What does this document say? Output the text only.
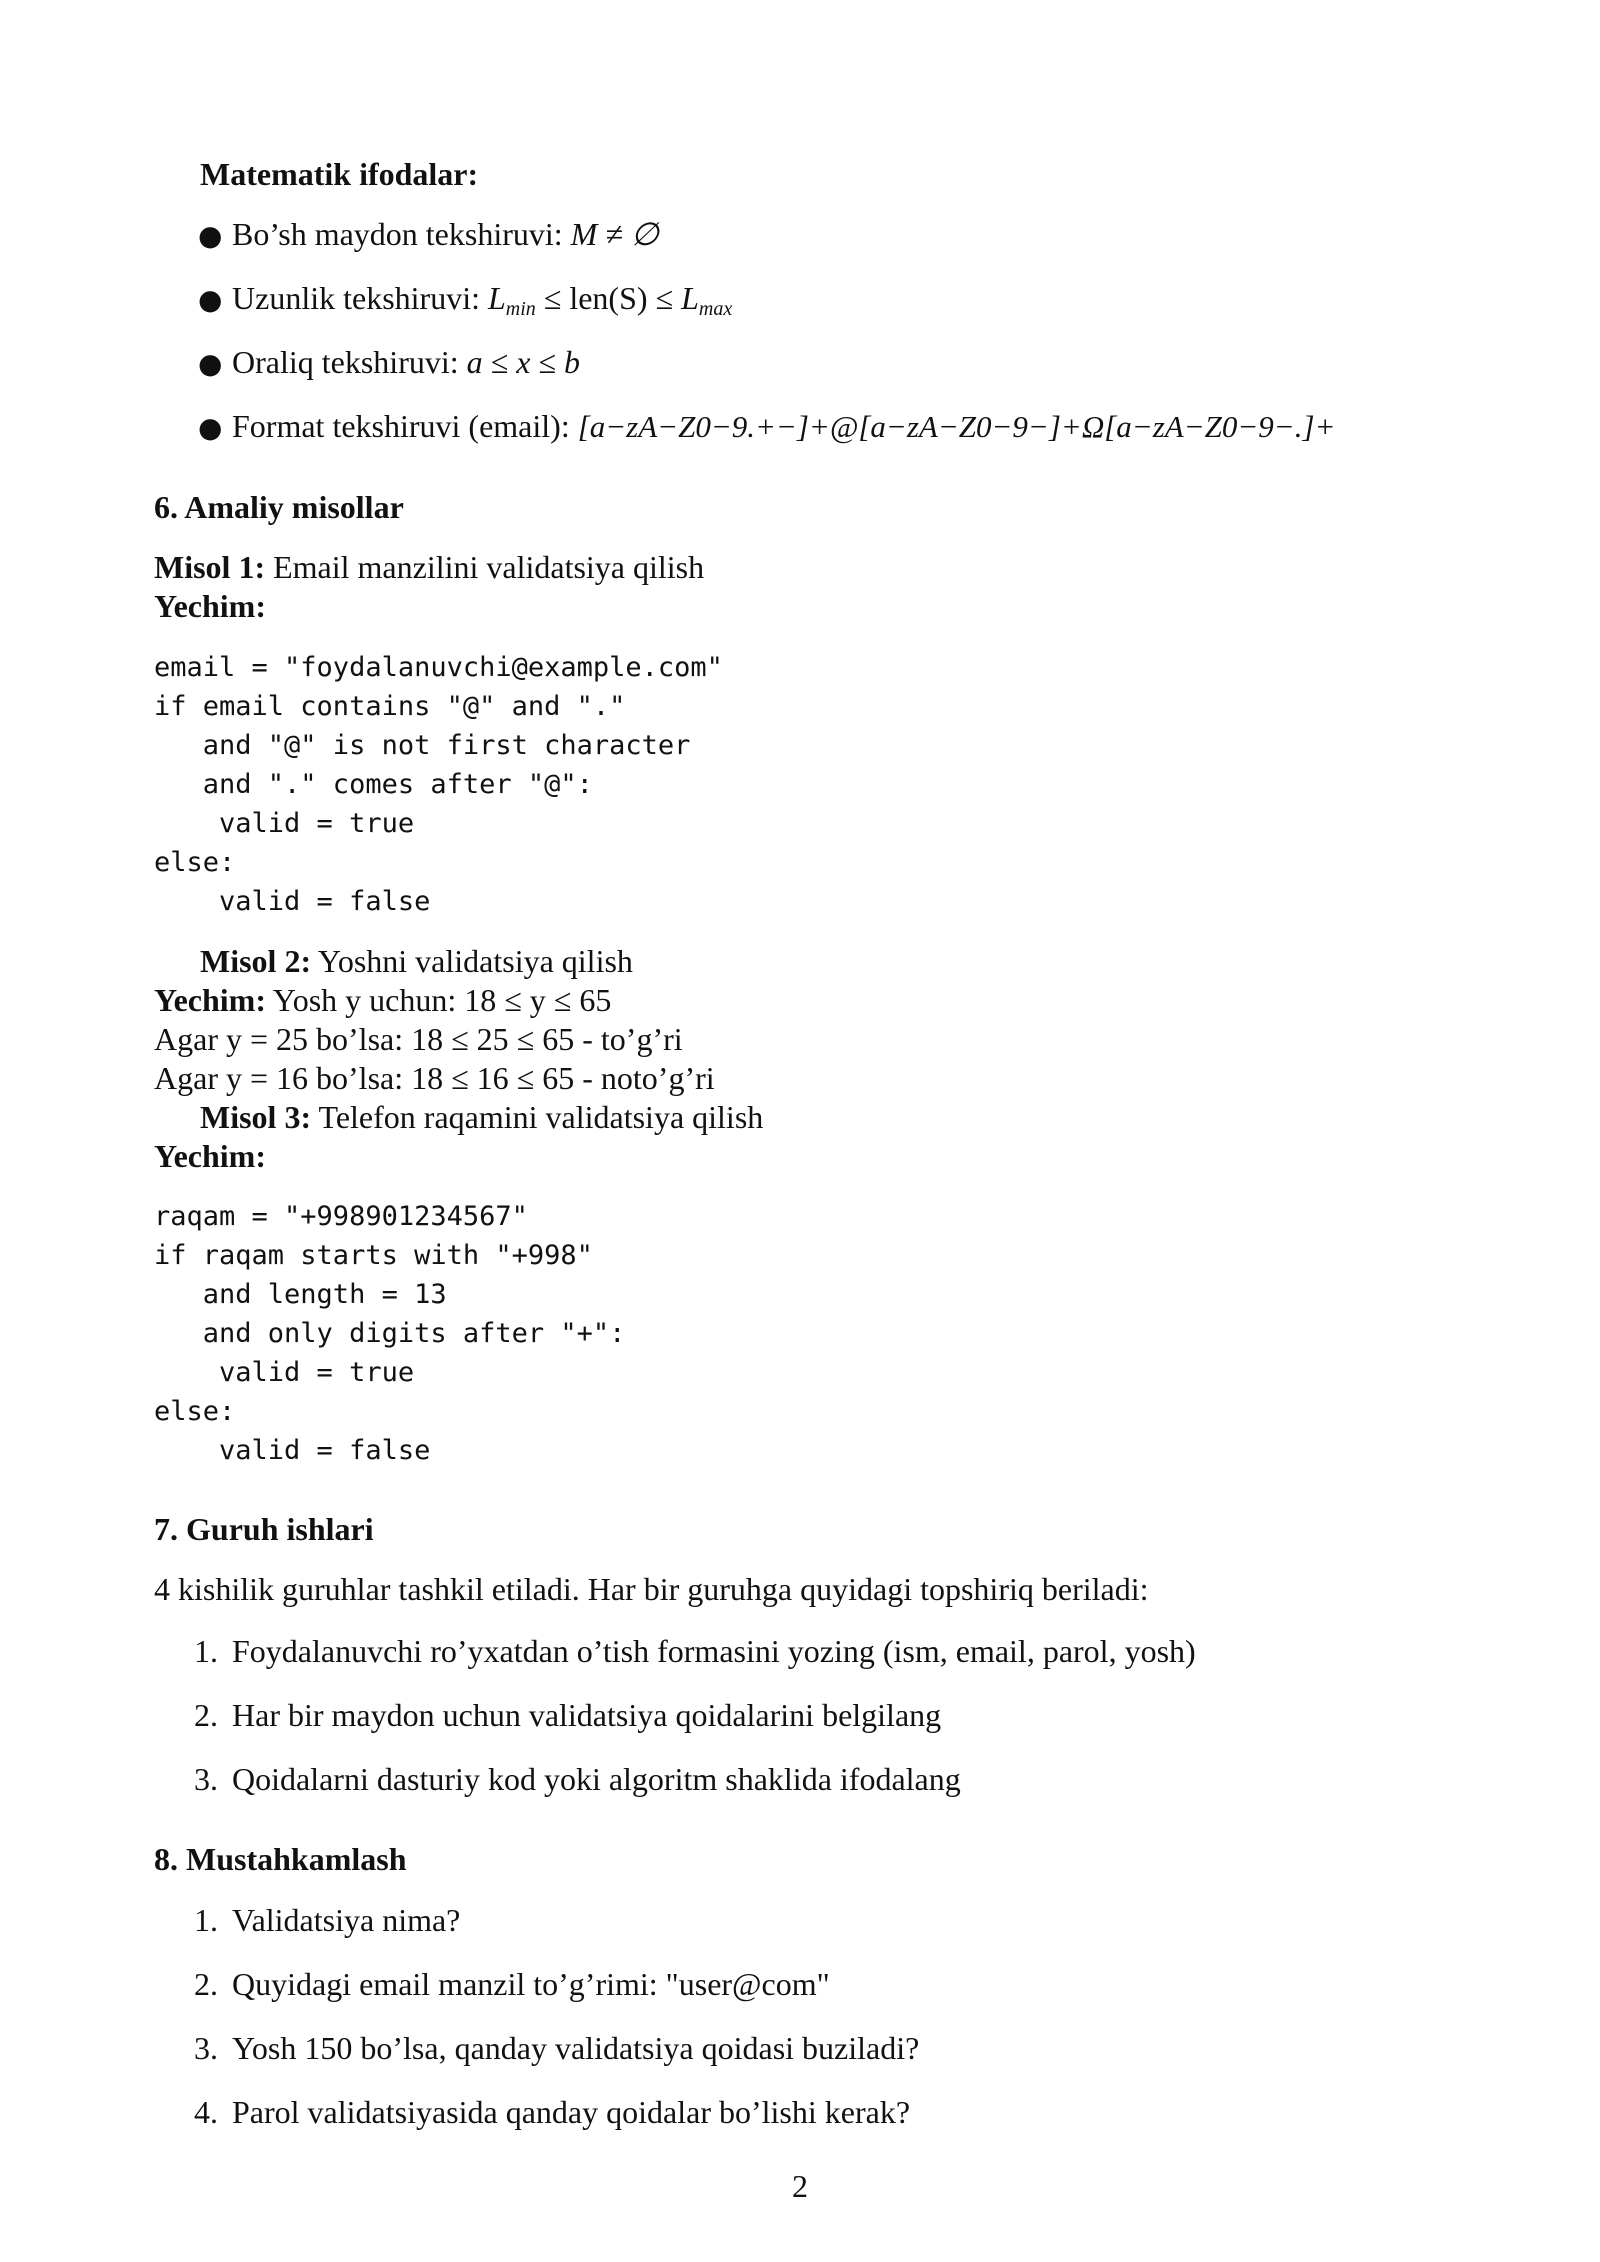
Matematik ifodalar:
● Bo’sh maydon tekshiruvi: M ≠ ∅
● Uzunlik tekshiruvi: $L_{min} \le len(S) \le L_{max}$
● Oraliq tekshiruvi: a ≤ x ≤ b
● Format tekshiruvi (email): [a−zA−Z0−9.+−]+@[a−zA−Z0−9−]+Ω[a−zA−Z0−9−.]+
6. Amaliy misollar
Misol 1: Email manzilini validatsiya qilish
Yechim:
email = "foydalanuvchi@example.com"
if email contains "@" and "."
and "@" is not first character
and "." comes after "@":
valid = true
else:
valid = false
Misol 2: Yoshni validatsiya qilish
Yechim: Yosh y uchun: 18 ≤ y ≤ 65
Agar y = 25 bo’lsa: 18 ≤ 25 ≤ 65 - to’g’ri
Agar y = 16 bo’lsa: 18 ≤ 16 ≤ 65 - noto’g’ri
Misol 3: Telefon raqamini validatsiya qilish
Yechim:
raqam = "+998901234567"
if raqam starts with "+998"
and length = 13
and only digits after "+":
valid = true
else:
valid = false
7. Guruh ishlari
4 kishilik guruhlar tashkil etiladi. Har bir guruhga quyidagi topshiriq beriladi:
1. Foydalanuvchi ro’yxatdan o’tish formasini yozing (ism, email, parol, yosh)
2. Har bir maydon uchun validatsiya qoidalarini belgilang
3. Qoidalarni dasturiy kod yoki algoritm shaklida ifodalang
8. Mustahkamlash
1. Validatsiya nima?
2. Quyidagi email manzil to’g’rimi: "user@com"
3. Yosh 150 bo’lsa, qanday validatsiya qoidasi buziladi?
4. Parol validatsiyasida qanday qoidalar bo’lishi kerak?
2
